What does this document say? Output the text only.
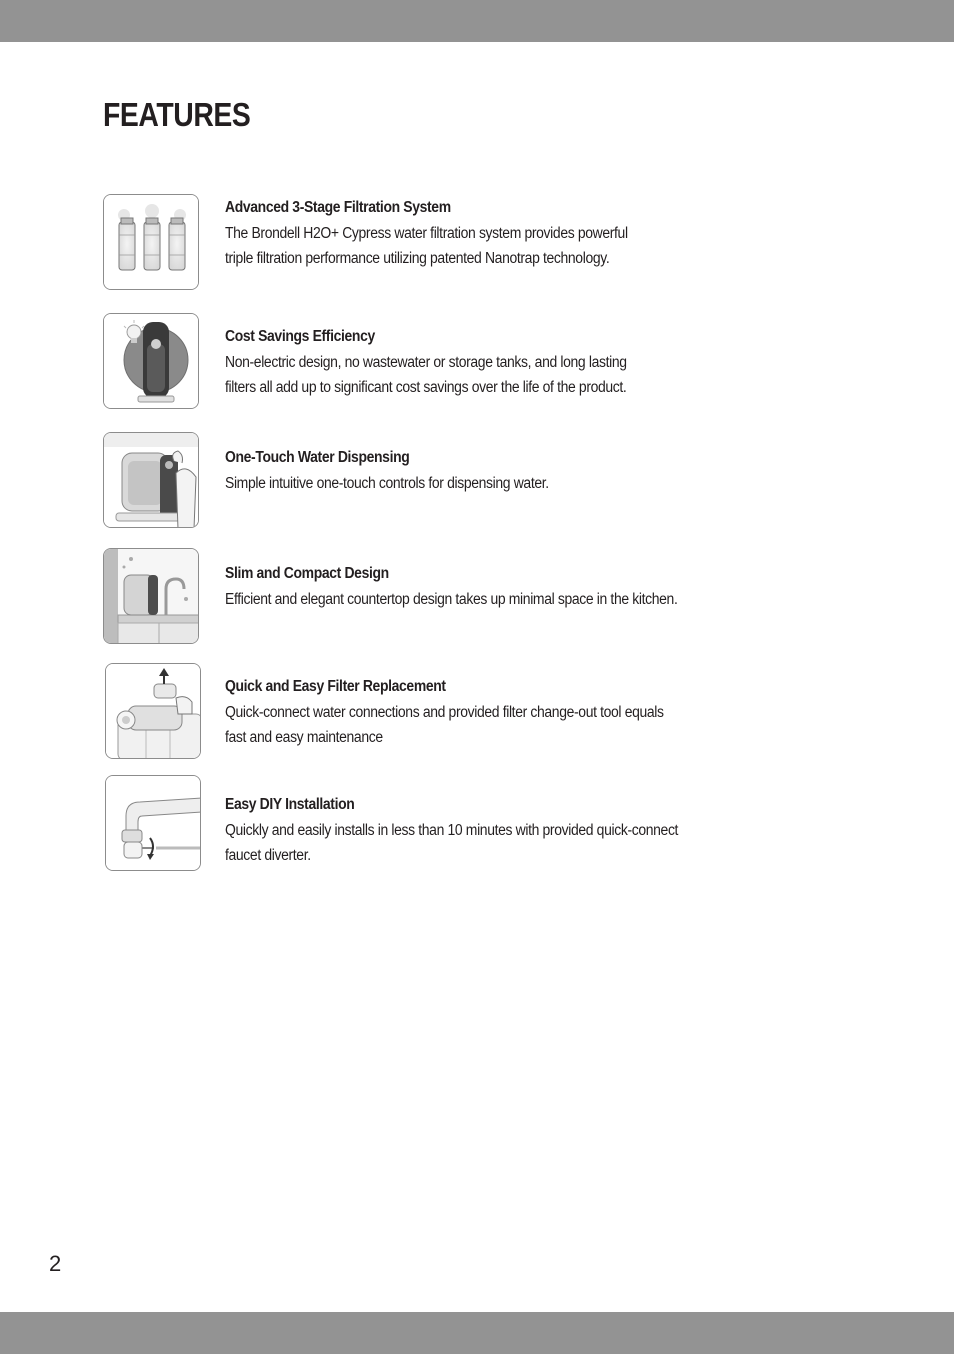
FEATURES
Advanced 3-Stage Filtration System
The Brondell H2O+ Cypress water filtration system provides powerful
triple filtration performance utilizing patented Nanotrap technology.
Cost Savings Efficiency
Non-electric design, no wastewater or storage tanks, and long lasting
filters all add up to significant cost savings over the life of the product.
One-Touch Water Dispensing
Simple intuitive one-touch controls for dispensing water.
Slim and Compact Design
Efficient and elegant countertop design takes up minimal space in the kitchen.
Quick and Easy Filter Replacement
Quick-connect water connections and provided filter change-out tool equals
fast and easy maintenance
Easy DIY Installation
Quickly and easily installs in less than 10 minutes with provided quick-connect
faucet diverter.
2
